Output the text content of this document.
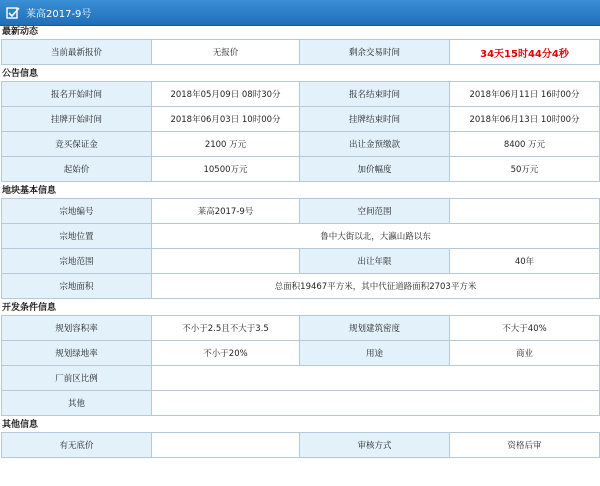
莱高2017-9号
最新动态
当前最新报价	无报价	剩余交易时间	34天15时44分4秒
公告信息
报名开始时间	2018年05月09日 08时30分	报名结束时间	2018年06月11日 16时00分
挂牌开始时间	2018年06月03日 10时00分	挂牌结束时间	2018年06月13日 10时00分
竞买保证金	2100 万元	出让金预缴款	8400 万元
起始价	10500万元	加价幅度	50万元
地块基本信息
宗地编号	莱高2017-9号	空间范围	
宗地位置	鲁中大街以北，大瀛山路以东		
宗地范围		出让年限	40年
宗地面积	总面积19467平方米，其中代征道路面积2703平方米		
开发条件信息
规划容积率	不小于2.5且不大于3.5	规划建筑密度	不大于40%
规划绿地率	不小于20%	用途	商业
厂前区比例			
其他			
其他信息
有无底价		审核方式	资格后审
